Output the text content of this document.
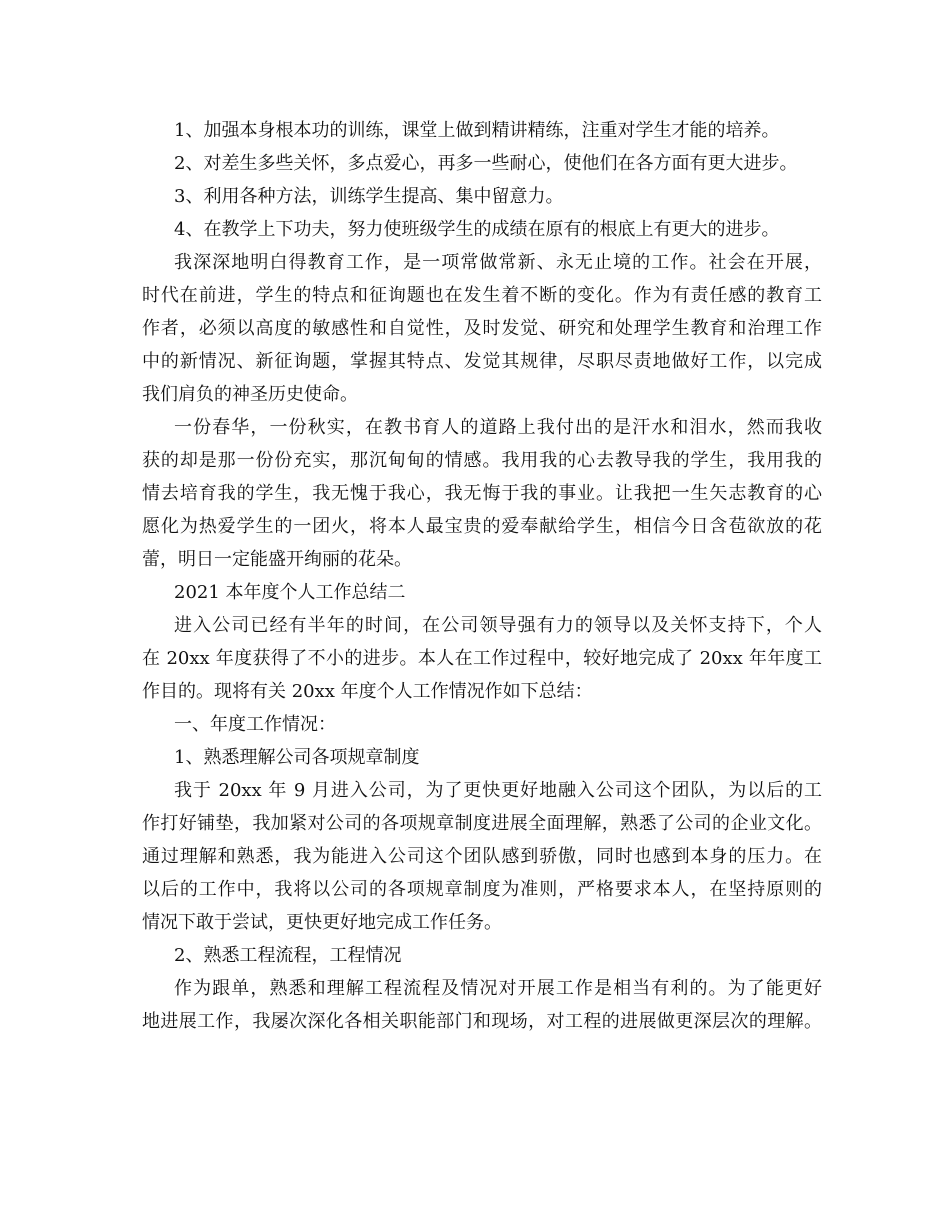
1、加强本身根本功的训练，课堂上做到精讲精练，注重对学生才能的培养。
2、对差生多些关怀，多点爱心，再多一些耐心，使他们在各方面有更大进步。
3、利用各种方法，训练学生提高、集中留意力。
4、在教学上下功夫，努力使班级学生的成绩在原有的根底上有更大的进步。
我深深地明白得教育工作，是一项常做常新、永无止境的工作。社会在开展，
时代在前进，学生的特点和征询题也在发生着不断的变化。作为有责任感的教育工
作者，必须以高度的敏感性和自觉性，及时发觉、研究和处理学生教育和治理工作
中的新情况、新征询题，掌握其特点、发觉其规律，尽职尽责地做好工作，以完成
我们肩负的神圣历史使命。
一份春华，一份秋实，在教书育人的道路上我付出的是汗水和泪水，然而我收
获的却是那一份份充实，那沉甸甸的情感。我用我的心去教导我的学生，我用我的
情去培育我的学生，我无愧于我心，我无悔于我的事业。让我把一生矢志教育的心
愿化为热爱学生的一团火，将本人最宝贵的爱奉献给学生，相信今日含苞欲放的花
蕾，明日一定能盛开绚丽的花朵。
2021 本年度个人工作总结二
进入公司已经有半年的时间，在公司领导强有力的领导以及关怀支持下，个人
在 20xx 年度获得了不小的进步。本人在工作过程中，较好地完成了 20xx 年年度工
作目的。现将有关 20xx 年度个人工作情况作如下总结：
一、年度工作情况：
1、熟悉理解公司各项规章制度
我于 20xx 年 9 月进入公司，为了更快更好地融入公司这个团队，为以后的工
作打好铺垫，我加紧对公司的各项规章制度进展全面理解，熟悉了公司的企业文化。
通过理解和熟悉，我为能进入公司这个团队感到骄傲，同时也感到本身的压力。在
以后的工作中，我将以公司的各项规章制度为准则，严格要求本人，在坚持原则的
情况下敢于尝试，更快更好地完成工作任务。
2、熟悉工程流程，工程情况
作为跟单，熟悉和理解工程流程及情况对开展工作是相当有利的。为了能更好
地进展工作，我屡次深化各相关职能部门和现场，对工程的进展做更深层次的理解。
